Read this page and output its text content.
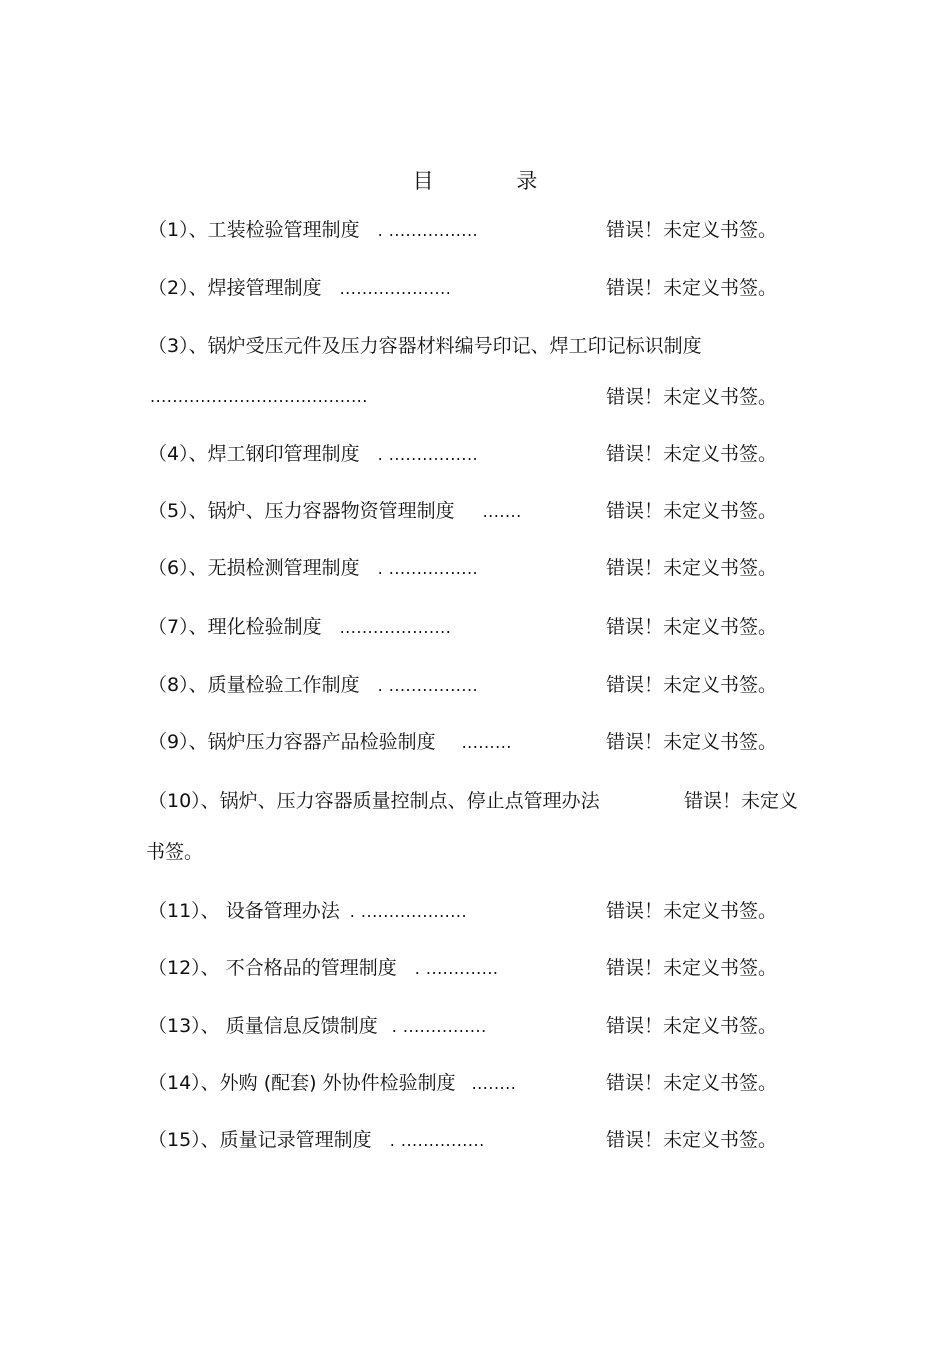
目 录
（1）、工装检验管理制度 . ................	错误！未定义书签。
（2）、焊接管理制度 ....................	错误！未定义书签。
（3）、锅炉受压元件及压力容器材料编号印记、焊工印记标识制度
.......................................	错误！未定义书签。
（4）、焊工钢印管理制度 . ................	错误！未定义书签。
（5）、锅炉、压力容器物资管理制度 .......	错误！未定义书签。
（6）、无损检测管理制度 . ................	错误！未定义书签。
（7）、理化检验制度 ....................	错误！未定义书签。
（8）、质量检验工作制度 . ................	错误！未定义书签。
（9）、锅炉压力容器产品检验制度 .........	错误！未定义书签。
（10）、锅炉、压力容器质量控制点、停止点管理办法	错误！未定义
书签。
（11）、 设备管理办法 . ...................	错误！未定义书签。
（12）、 不合格品的管理制度 . .............	错误！未定义书签。
（13）、 质量信息反馈制度 . ...............	错误！未定义书签。
（14）、外购 (配套) 外协件检验制度 ........	错误！未定义书签。
（15）、质量记录管理制度 . ...............	错误！未定义书签。
